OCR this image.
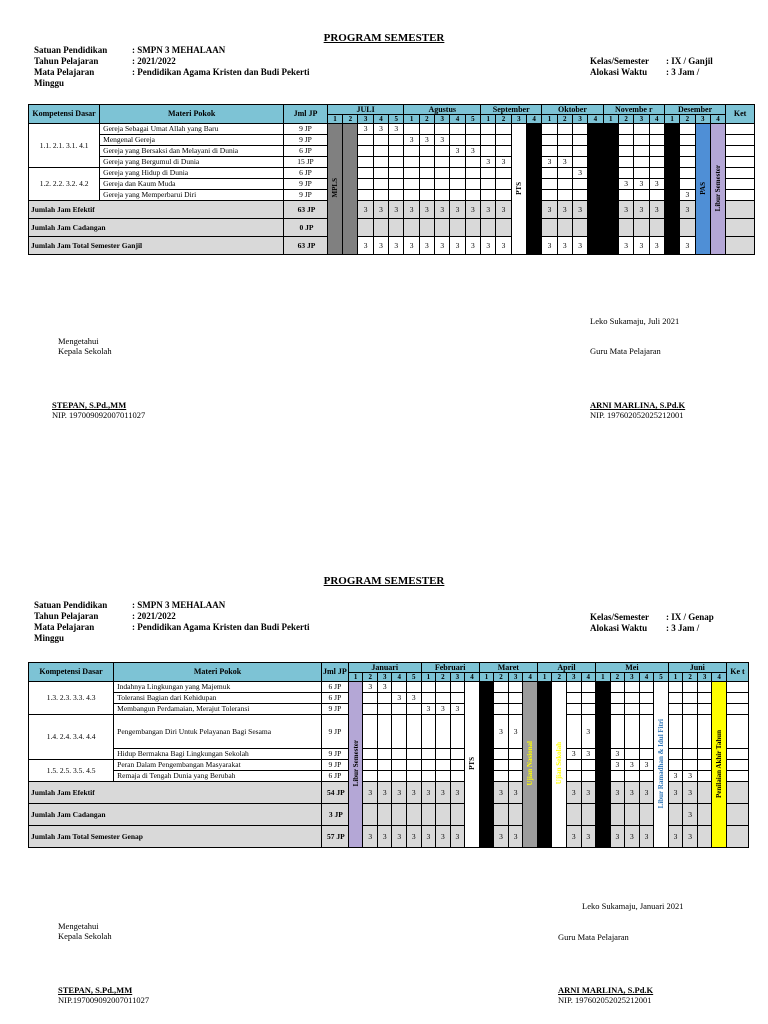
PROGRAM SEMESTER
Satuan Pendidikan	: SMPN 3 MEHALAAN
Tahun Pelajaran	: 2021/2022
Mata Pelajaran	: Pendidikan Agama Kristen dan Budi Pekerti
Minggu
Kelas/Semester : IX / Ganjil
Alokasi Waktu : 3 Jam /
Kompetensi Dasar	Materi Pokok	Jml JP	JULI					Agustus					September				Oktober				Novembe r				Desember				Ket
			1	2	3	4	5	1	2	3	4	5	1	2	3	4	1	2	3	4	1	2	3	4	1	2	3	4	
1.1. 2.1. 3.1. 4.1	Gereja Sebagai Umat Allah yang Baru	9 JP	MPLS		3	3	3								PTS												PAS	Libur Semester	
	Mengenal Gereja	9 JP						3	3	3																			
	Gereja yang Bersaksi dan Melayani di Dunia	6 JP									3	3																	
	Gereja yang Bergumul di Dunia	15 JP											3	3			3	3											
1.2. 2.2. 3.2. 4.2	Gereja yang Hidup di Dunia	6 JP																	3										
	Gereja dan Kaum Muda	9 JP																				3	3	3					
	Gereja yang Memperbarui Diri	9 JP																								3			
Jumlah Jam Efektif		63 JP			3	3	3	3	3	3	3	3	3	3			3	3	3			3	3	3		3			
Jumlah Jam Cadangan		0 JP																											
Jumlah Jam Total Semester Ganjil		63 JP			3	3	3	3	3	3	3	3	3	3			3	3	3			3	3	3		3			
Leko Sukamaju, Juli 2021
Mengetahui
Kepala Sekolah	Guru Mata Pelajaran
STEPAN, S.Pd.,MM
NIP. 197009092007011027
ARNI MARLINA, S.Pd.K
NIP. 197602052025212001
PROGRAM SEMESTER
Satuan Pendidikan	: SMPN 3 MEHALAAN
Tahun Pelajaran	: 2021/2022
Mata Pelajaran	: Pendidikan Agama Kristen dan Budi Pekerti
Minggu
Kelas/Semester : IX / Genap
Alokasi Waktu : 3 Jam /
Kompetensi Dasar	Materi Pokok	Jml JP	Januari					Februari				Maret				April				Mei					Juni				Ke t
			1	2	3	4	5	1	2	3	4	1	2	3	4	1	2	3	4	1	2	3	4	5	1	2	3	4	
1.3. 2.3. 3.3. 4.3	Indahnya Lingkungan yang Majemuk	6 JP	Libur Semester	3	3						PTS				Ujian Nasional		Ujian Sekolah							Libur Ramadhan & Idul Fitri				Penilaian Akhir Tahun	
	Toleransi Bagian dari Kehidupan	6 JP				3	3																						
	Membangun Perdamaian, Merajut Toleransi	9 JP						3	3	3																			
1.4. 2.4. 3.4. 4.4	Pengembangan Diri Untuk Pelayanan Bagi Sesama	9 JP											3	3					3										
	Hidup Bermakna Bagi Lingkungan Sekolah	9 JP																3	3		3								
1.5. 2.5. 3.5. 4.5	Peran Dalam Pengembangan Masyarakat	9 JP																			3	3	3						
	Remaja di Tengah Dunia yang Berubah	6 JP																							3	3			
Jumlah Jam Efektif		54 JP		3	3	3	3	3	3	3			3	3				3	3		3	3	3		3	3			
Jumlah Jam Cadangan		3 JP																								3			
Jumlah Jam Total Semester Genap		57 JP		3	3	3	3	3	3	3			3	3				3	3		3	3	3		3	3			
Leko Sukamaju, Januari 2021
Mengetahui
Kepala Sekolah	Guru Mata Pelajaran
STEPAN, S.Pd.,MM
NIP.197009092007011027
ARNI MARLINA, S.Pd.K
NIP. 197602052025212001
